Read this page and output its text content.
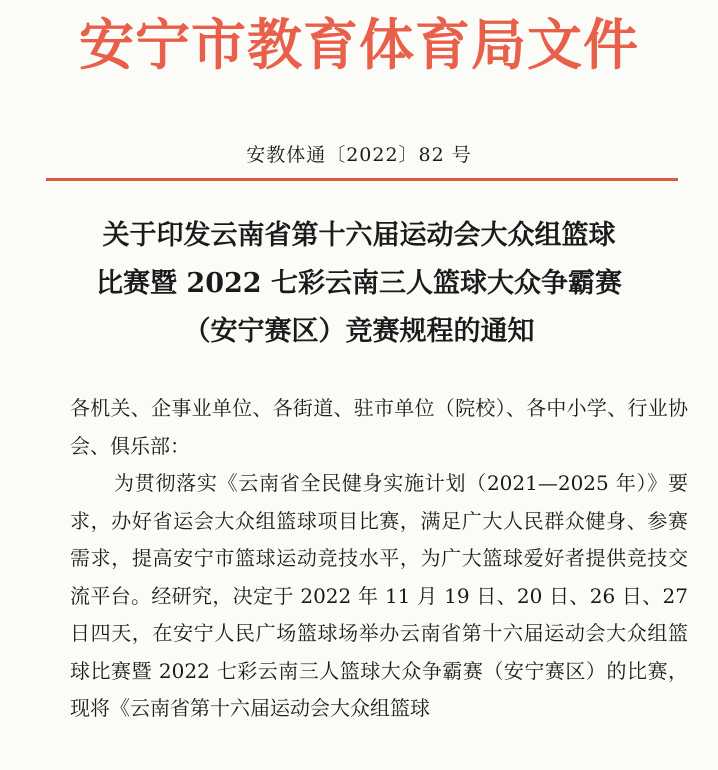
安宁市教育体育局文件
安教体通〔2022〕82 号
关于印发云南省第十六届运动会大众组篮球
比赛暨 2022 七彩云南三人篮球大众争霸赛
（安宁赛区）竞赛规程的通知

各机关、企事业单位、各街道、驻市单位（院校）、各中小学、行业协会、俱乐部：

为贯彻落实《云南省全民健身实施计划（2021—2025 年）》要求，办好省运会大众组篮球项目比赛，满足广大人民群众健身、参赛需求，提高安宁市篮球运动竞技水平，为广大篮球爱好者提供竞技交流平台。经研究，决定于 2022 年 11 月 19 日、20 日、26 日、27 日四天，在安宁人民广场篮球场举办云南省第十六届运动会大众组篮球比赛暨 2022 七彩云南三人篮球大众争霸赛（安宁赛区）的比赛，现将《云南省第十六届运动会大众组篮球
